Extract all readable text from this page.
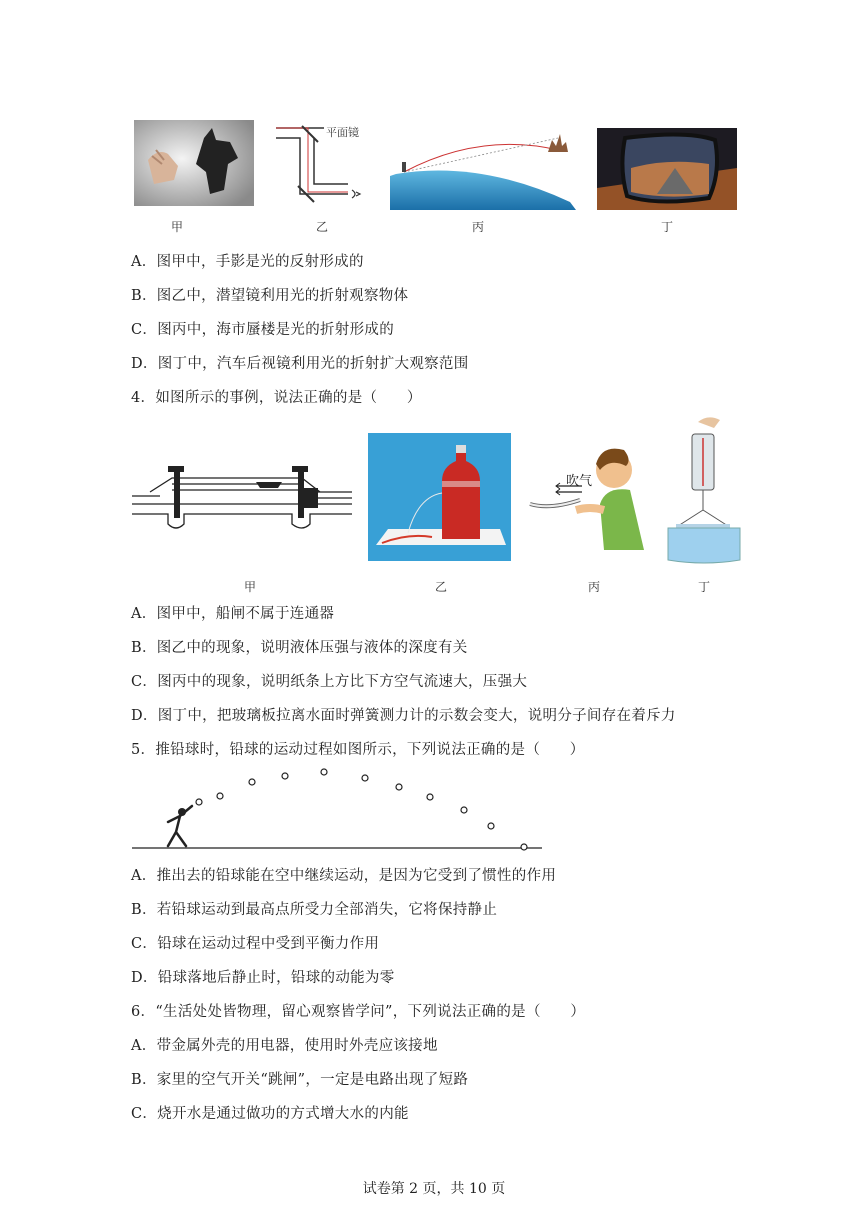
甲
平面镜
乙	丙	丁
A．图甲中，手影是光的反射形成的
B．图乙中，潜望镜利用光的折射观察物体
C．图丙中，海市蜃楼是光的折射形成的
D．图丁中，汽车后视镜利用光的折射扩大观察范围
4．如图所示的事例，说法正确的是（　　）
甲	乙
吹气
丙	丁
A．图甲中，船闸不属于连通器
B．图乙中的现象，说明液体压强与液体的深度有关
C．图丙中的现象，说明纸条上方比下方空气流速大，压强大
D．图丁中，把玻璃板拉离水面时弹簧测力计的示数会变大，说明分子间存在着斥力
5．推铅球时，铅球的运动过程如图所示，下列说法正确的是（　　）
A．推出去的铅球能在空中继续运动，是因为它受到了惯性的作用
B．若铅球运动到最高点所受力全部消失，它将保持静止
C．铅球在运动过程中受到平衡力作用
D．铅球落地后静止时，铅球的动能为零
6．“生活处处皆物理，留心观察皆学问”，下列说法正确的是（　　）
A．带金属外壳的用电器，使用时外壳应该接地
B．家里的空气开关“跳闸”，一定是电路出现了短路
C．烧开水是通过做功的方式增大水的内能
试卷第 2 页，共 10 页
